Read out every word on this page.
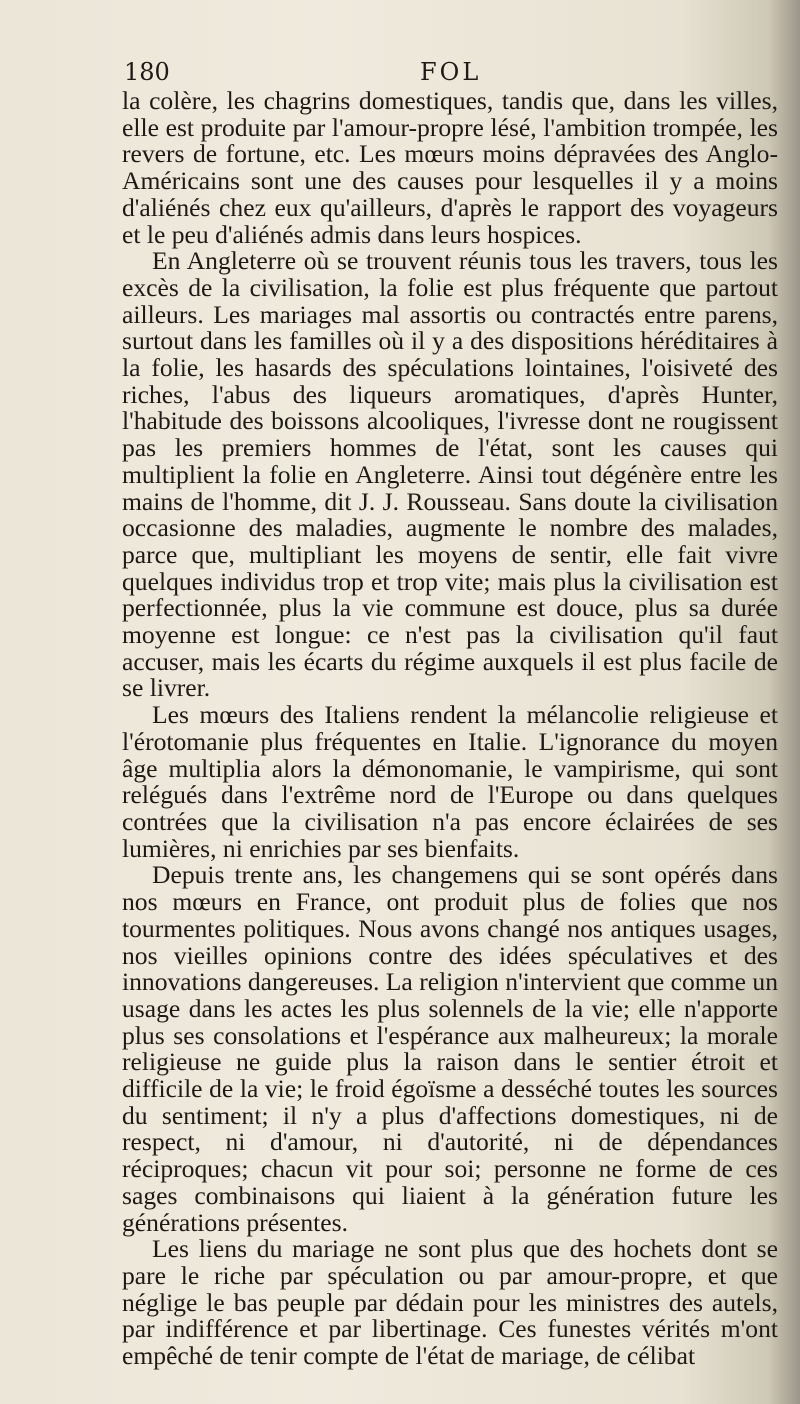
180	FOL

la colère, les chagrins domestiques, tandis que, dans les villes, elle est produite par l'amour-propre lésé, l'ambition trompée, les revers de fortune, etc. Les mœurs moins dépravées des Anglo-Américains sont une des causes pour lesquelles il y a moins d'aliénés chez eux qu'ailleurs, d'après le rapport des voyageurs et le peu d'aliénés admis dans leurs hospices.

En Angleterre où se trouvent réunis tous les travers, tous les excès de la civilisation, la folie est plus fréquente que partout ailleurs. Les mariages mal assortis ou contractés entre parens, surtout dans les familles où il y a des dispositions héréditaires à la folie, les hasards des spéculations lointaines, l'oisiveté des riches, l'abus des liqueurs aromatiques, d'après Hunter, l'habitude des boissons alcooliques, l'ivresse dont ne rougissent pas les premiers hommes de l'état, sont les causes qui multiplient la folie en Angleterre. Ainsi tout dégénère entre les mains de l'homme, dit J. J. Rousseau. Sans doute la civilisation occasionne des maladies, augmente le nombre des malades, parce que, multipliant les moyens de sentir, elle fait vivre quelques individus trop et trop vite; mais plus la civilisation est perfectionnée, plus la vie commune est douce, plus sa durée moyenne est longue: ce n'est pas la civilisation qu'il faut accuser, mais les écarts du régime auxquels il est plus facile de se livrer.

Les mœurs des Italiens rendent la mélancolie religieuse et l'érotomanie plus fréquentes en Italie. L'ignorance du moyen âge multiplia alors la démonomanie, le vampirisme, qui sont relégués dans l'extrême nord de l'Europe ou dans quelques contrées que la civilisation n'a pas encore éclairées de ses lumières, ni enrichies par ses bienfaits.

Depuis trente ans, les changemens qui se sont opérés dans nos mœurs en France, ont produit plus de folies que nos tourmentes politiques. Nous avons changé nos antiques usages, nos vieilles opinions contre des idées spéculatives et des innovations dangereuses. La religion n'intervient que comme un usage dans les actes les plus solennels de la vie; elle n'apporte plus ses consolations et l'espérance aux malheureux; la morale religieuse ne guide plus la raison dans le sentier étroit et difficile de la vie; le froid égoïsme a desséché toutes les sources du sentiment; il n'y a plus d'affections domestiques, ni de respect, ni d'amour, ni d'autorité, ni de dépendances réciproques; chacun vit pour soi; personne ne forme de ces sages combinaisons qui liaient à la génération future les générations présentes.

Les liens du mariage ne sont plus que des hochets dont se pare le riche par spéculation ou par amour-propre, et que néglige le bas peuple par dédain pour les ministres des autels, par indifférence et par libertinage. Ces funestes vérités m'ont empêché de tenir compte de l'état de mariage, de célibat
